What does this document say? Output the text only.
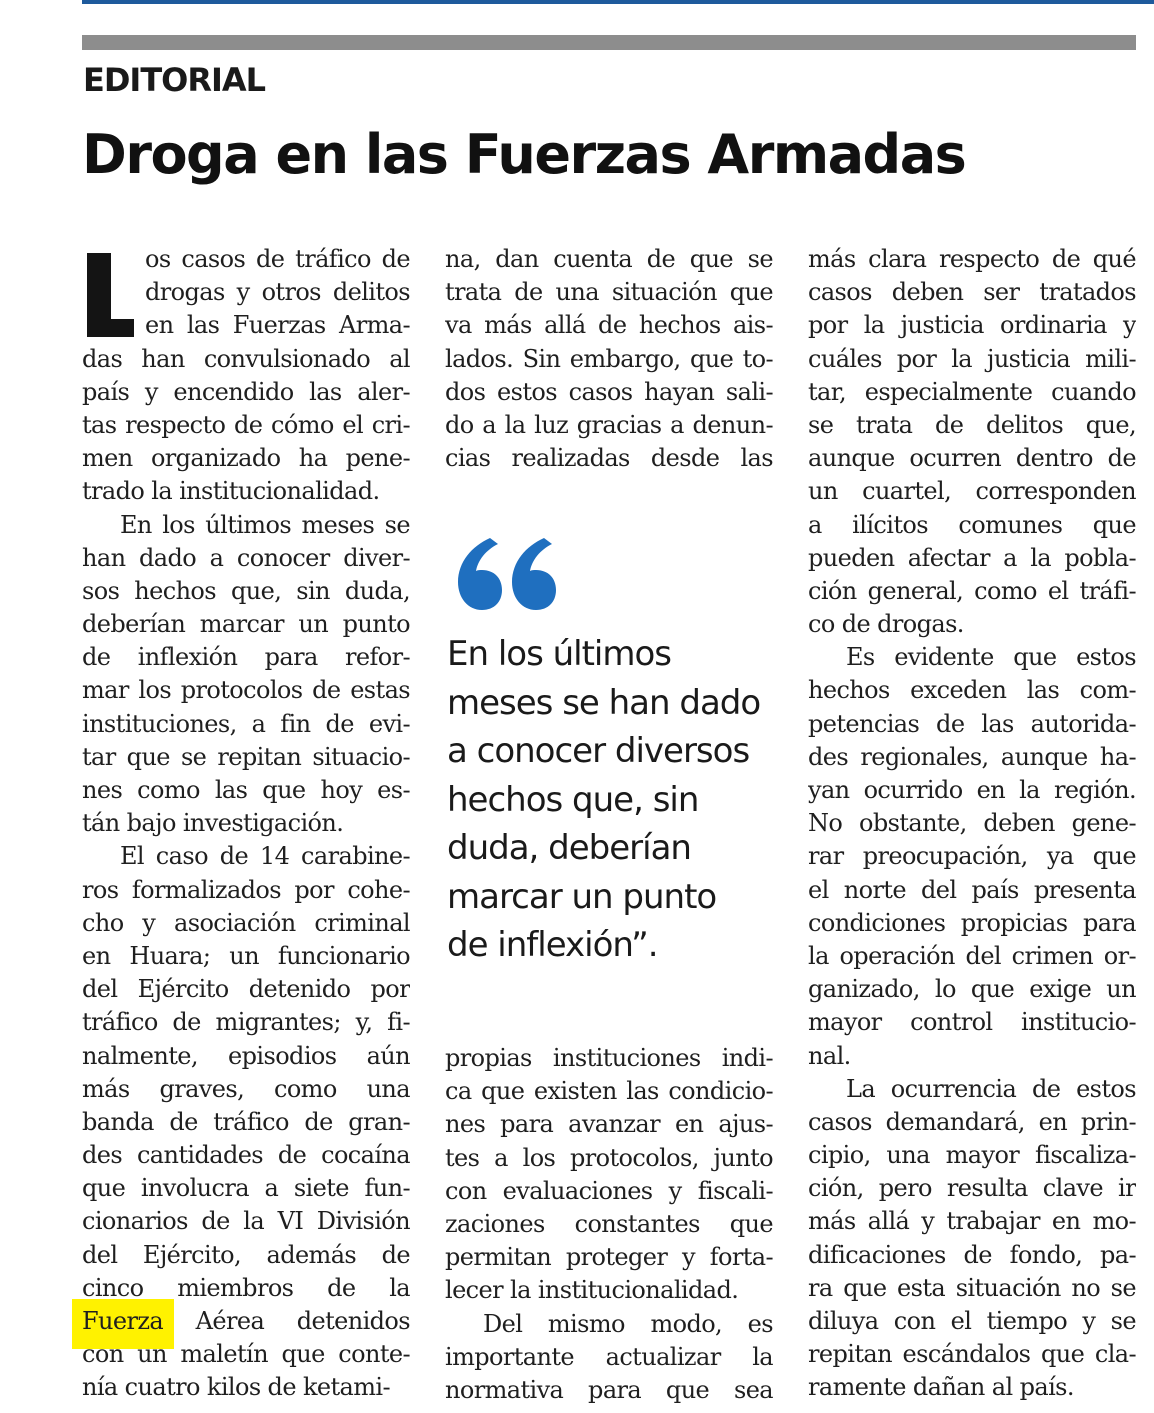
EDITORIAL
Droga en las Fuerzas Armadas
os casos de tráfico de
drogas y otros delitos
en las Fuerzas Arma-
das han convulsionado al
país y encendido las aler-
tas respecto de cómo el cri-
men organizado ha pene-
trado la institucionalidad.
En los últimos meses se
han dado a conocer diver-
sos hechos que, sin duda,
deberían marcar un punto
de inflexión para refor-
mar los protocolos de estas
instituciones, a fin de evi-
tar que se repitan situacio-
nes como las que hoy es-
tán bajo investigación.
El caso de 14 carabine-
ros formalizados por cohe-
cho y asociación criminal
en Huara; un funcionario
del Ejército detenido por
tráfico de migrantes; y, fi-
nalmente, episodios aún
más graves, como una
banda de tráfico de gran-
des cantidades de cocaína
que involucra a siete fun-
cionarios de la VI División
del Ejército, además de
cinco miembros de la
Fuerza Aérea detenidos
con un maletín que conte-
nía cuatro kilos de ketami-
na, dan cuenta de que se
trata de una situación que
va más allá de hechos ais-
lados. Sin embargo, que to-
dos estos casos hayan sali-
do a la luz gracias a denun-
cias realizadas desde las
En los últimos
meses se han dado
a conocer diversos
hechos que, sin
duda, deberían
marcar un punto
de inflexión”.
propias instituciones indi-
ca que existen las condicio-
nes para avanzar en ajus-
tes a los protocolos, junto
con evaluaciones y fiscali-
zaciones constantes que
permitan proteger y forta-
lecer la institucionalidad.
Del mismo modo, es
importante actualizar la
normativa para que sea
más clara respecto de qué
casos deben ser tratados
por la justicia ordinaria y
cuáles por la justicia mili-
tar, especialmente cuando
se trata de delitos que,
aunque ocurren dentro de
un cuartel, corresponden
a ilícitos comunes que
pueden afectar a la pobla-
ción general, como el tráfi-
co de drogas.
Es evidente que estos
hechos exceden las com-
petencias de las autorida-
des regionales, aunque ha-
yan ocurrido en la región.
No obstante, deben gene-
rar preocupación, ya que
el norte del país presenta
condiciones propicias para
la operación del crimen or-
ganizado, lo que exige un
mayor control institucio-
nal.
La ocurrencia de estos
casos demandará, en prin-
cipio, una mayor fiscaliza-
ción, pero resulta clave ir
más allá y trabajar en mo-
dificaciones de fondo, pa-
ra que esta situación no se
diluya con el tiempo y se
repitan escándalos que cla-
ramente dañan al país.
